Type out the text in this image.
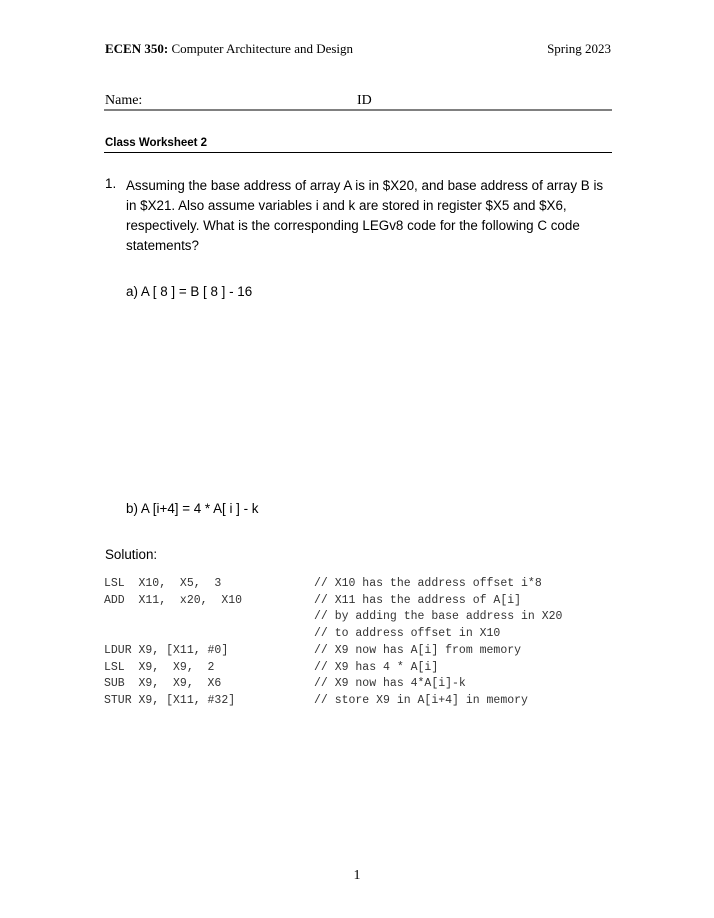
ECEN 350: Computer Architecture and Design	Spring 2023
Name:	ID
Class Worksheet 2
1. Assuming the base address of array A is in $X20, and base address of array B is in $X21. Also assume variables i and k are stored in register $X5 and $X6, respectively. What is the corresponding LEGv8 code for the following C code statements?
a) A [ 8 ] = B [ 8 ] - 16
b) A [i+4] = 4 * A[ i ] - k
Solution:
LSL  X10,  X5,  3	// X10 has the address offset i*8
ADD  X11,  x20,  X10	// X11 has the address of A[i]
// by adding the base address in X20
// to address offset in X10
LDUR X9, [X11, #0]	// X9 now has A[i] from memory
LSL  X9,  X9,  2	// X9 has 4 * A[i]
SUB  X9,  X9,  X6	// X9 now has 4*A[i]-k
STUR X9, [X11, #32]	// store X9 in A[i+4] in memory
1
